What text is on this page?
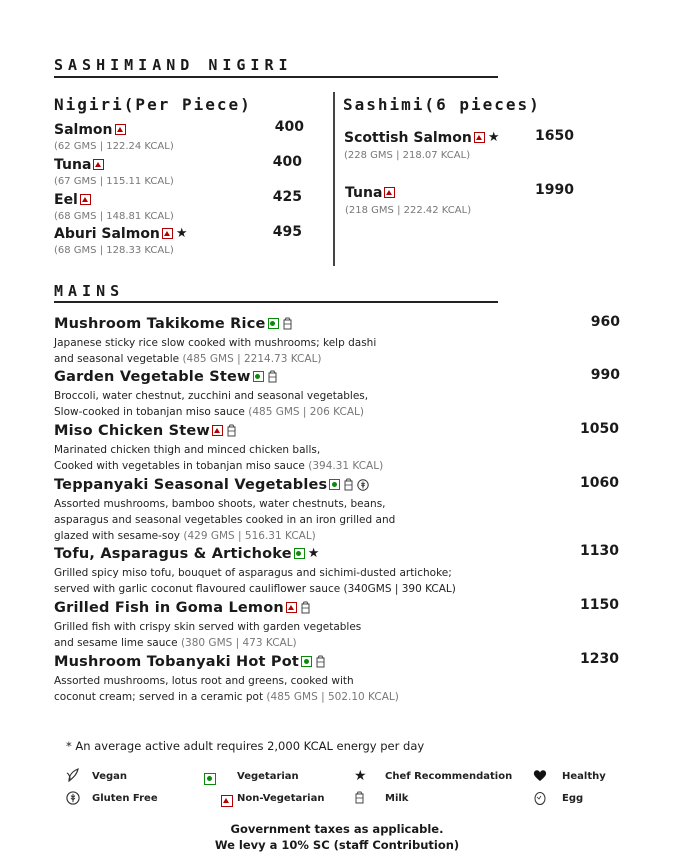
SASHIMIAND NIGIRI
Nigiri(Per Piece)
Salmon
(62 GMS | 122.24 KCAL)
400
Tuna
(67 GMS | 115.11 KCAL)
400
Eel
(68 GMS | 148.81 KCAL)
425
Aburi Salmon ★
(68 GMS | 128.33 KCAL)
495
Sashimi(6 pieces)
Scottish Salmon ★
(228 GMS | 218.07 KCAL)
1650
Tuna
(218 GMS | 222.42 KCAL)
1990
MAINS
Mushroom Takikome Rice
Japanese sticky rice slow cooked with mushrooms; kelp dashi
and seasonal vegetable (485 GMS | 2214.73 KCAL)
960
Garden Vegetable Stew
Broccoli, water chestnut, zucchini and seasonal vegetables,
Slow-cooked in tobanjan miso sauce (485 GMS | 206 KCAL)
990
Miso Chicken Stew
Marinated chicken thigh and minced chicken balls,
Cooked with vegetables in tobanjan miso sauce (394.31 KCAL)
1050
Teppanyaki Seasonal Vegetables
Assorted mushrooms, bamboo shoots, water chestnuts, beans,
asparagus and seasonal vegetables cooked in an iron grilled and
glazed with sesame-soy (429 GMS | 516.31 KCAL)
1060
Tofu, Asparagus & Artichoke ★
Grilled spicy miso tofu, bouquet of asparagus and sichimi-dusted artichoke;
served with garlic coconut flavoured cauliflower sauce (340GMS | 390 KCAL)
1130
Grilled Fish in Goma Lemon
Grilled fish with crispy skin served with garden vegetables
and sesame lime sauce (380 GMS | 473 KCAL)
1150
Mushroom Tobanyaki Hot Pot
Assorted mushrooms, lotus root and greens, cooked with
coconut cream; served in a ceramic pot (485 GMS | 502.10 KCAL)
1230
* An average active adult requires 2,000 KCAL energy per day
Vegan
	Vegetarian	★ Chef Recommendation	Healthy
Gluten Free	Non-Vegetarian	Milk	Egg
Government taxes as applicable.
We levy a 10% SC (staff Contribution)
